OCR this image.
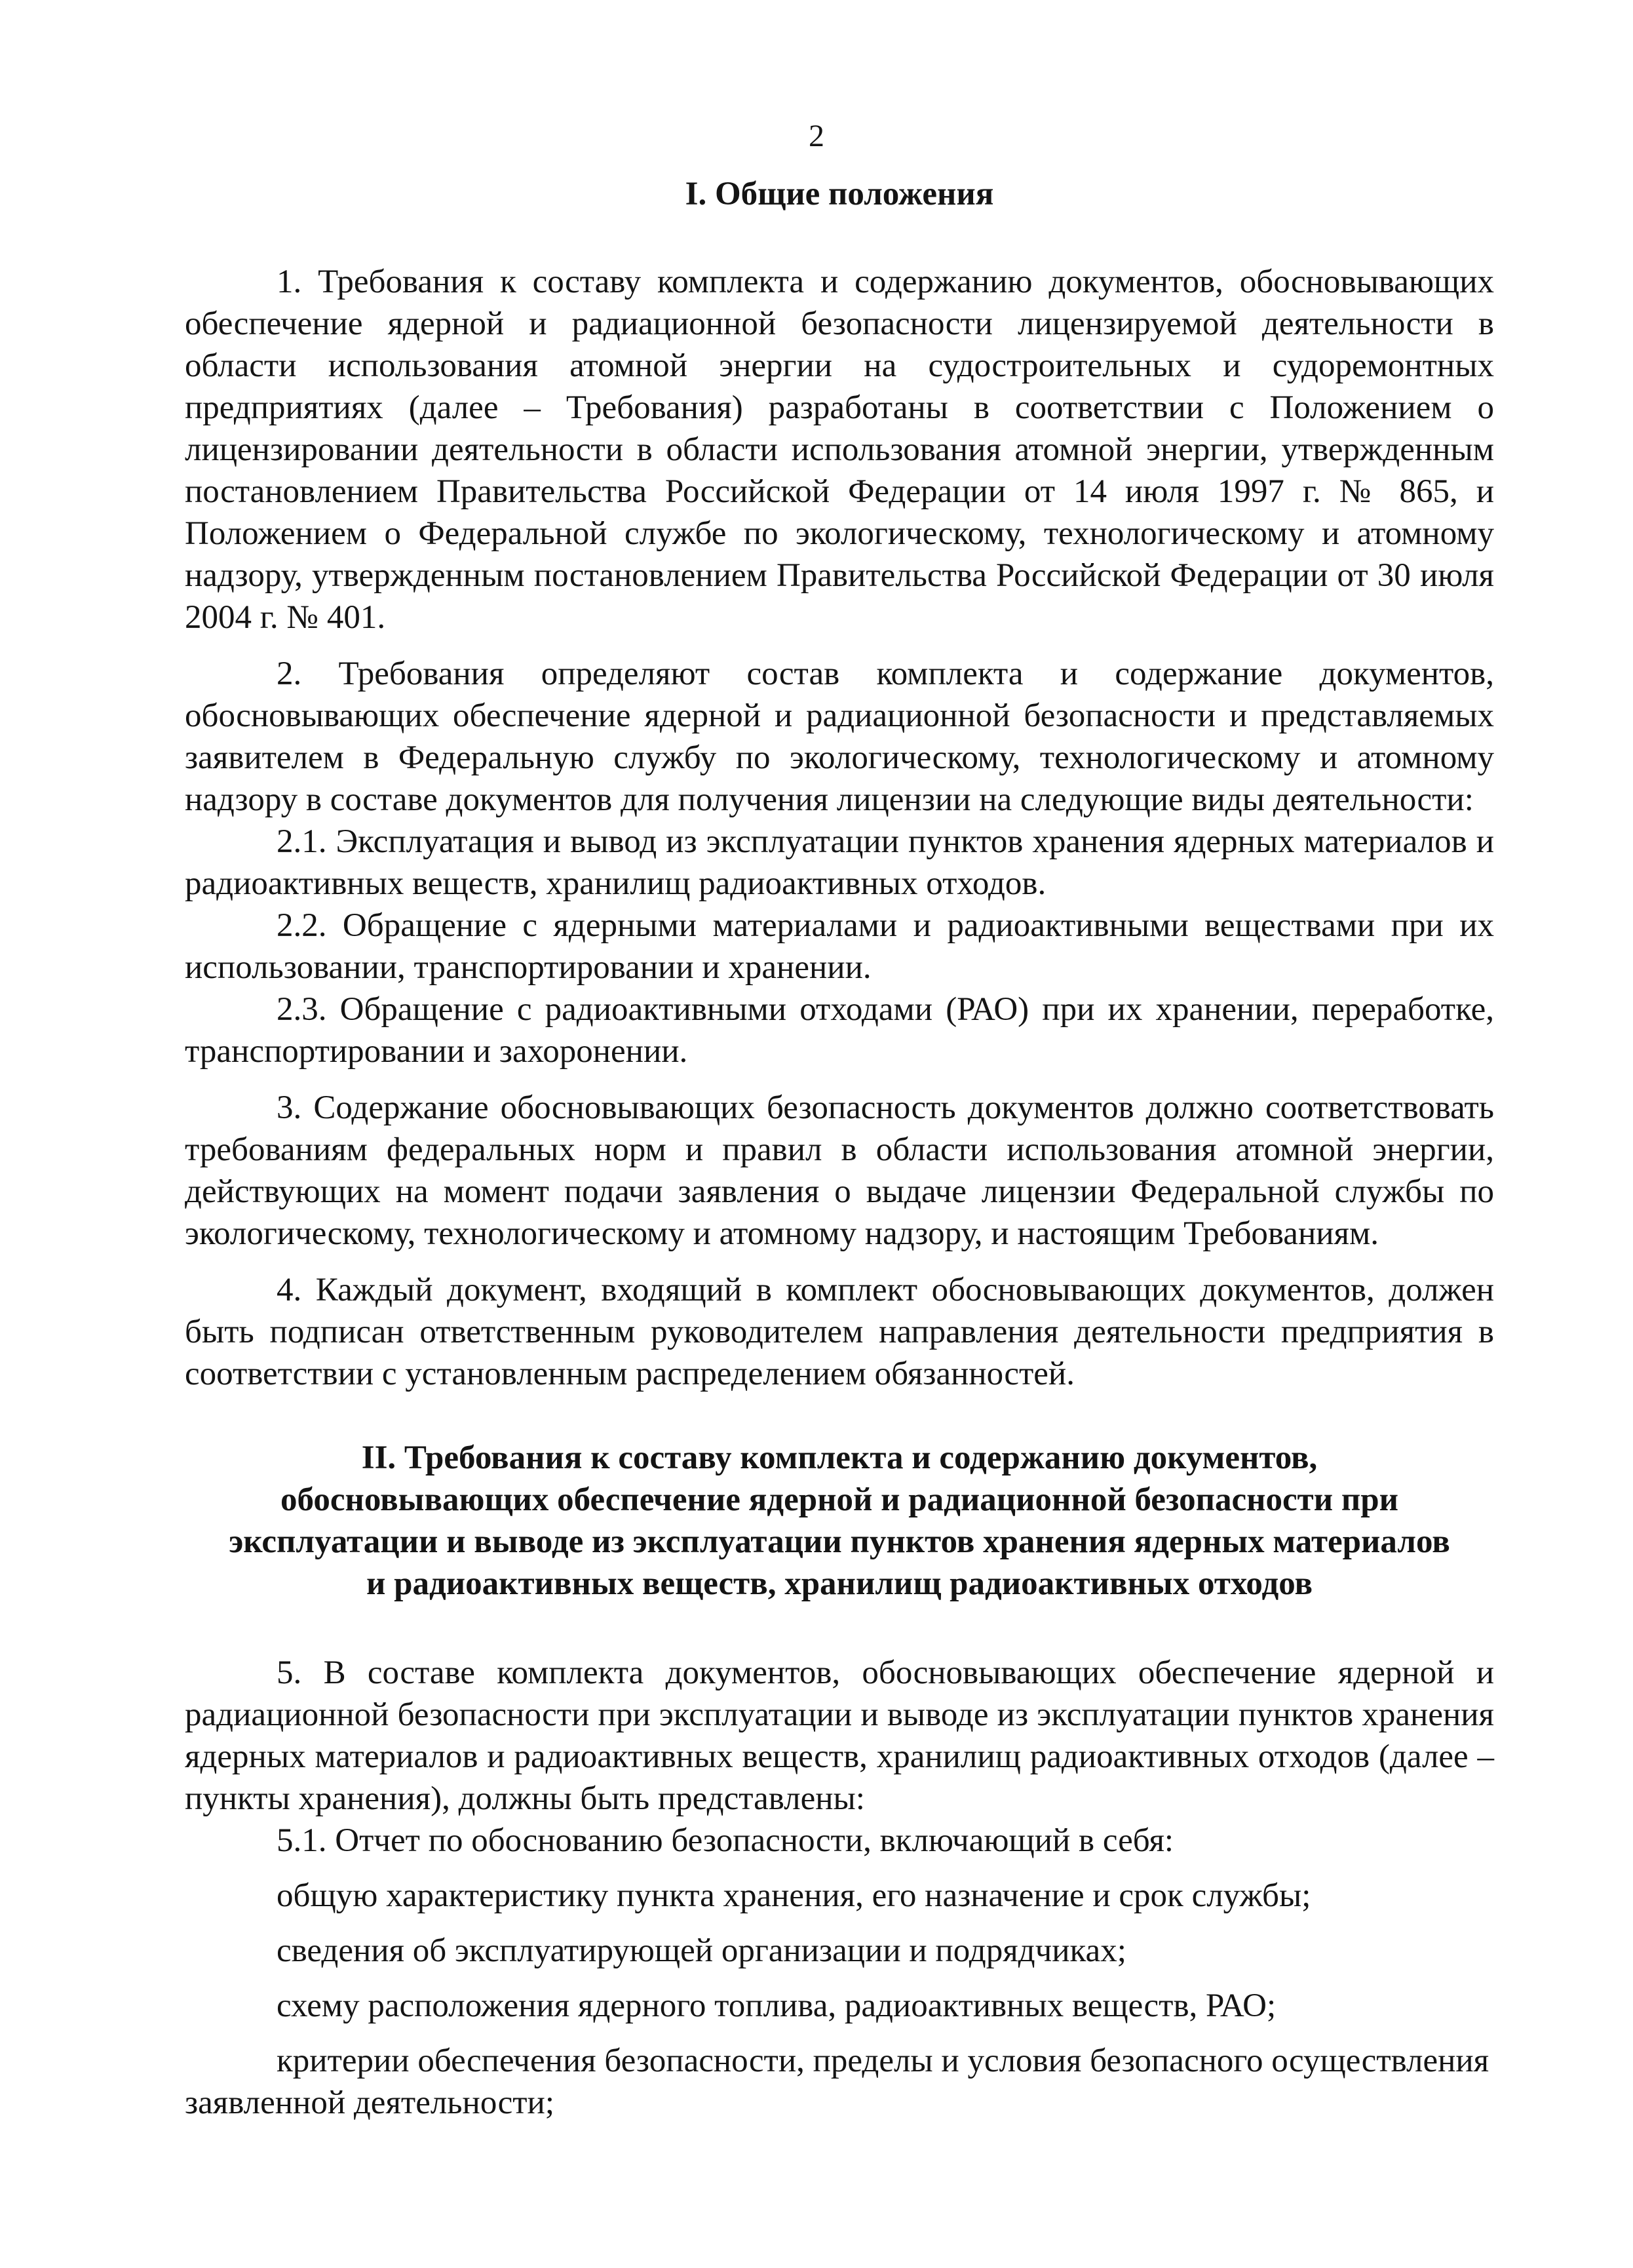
2
I. Общие положения

1. Требования к составу комплекта и содержанию документов, обосновывающих обеспечение ядерной и радиационной безопасности лицензируемой деятельности в области использования атомной энергии на судостроительных и судоремонтных предприятиях (далее – Требования) разработаны в соответствии с Положением о лицензировании деятельности в области использования атомной энергии, утвержденным постановлением Правительства Российской Федерации от 14 июля 1997 г. № 865, и Положением о Федеральной службе по экологическому, технологическому и атомному надзору, утвержденным постановлением Правительства Российской Федерации от 30 июля 2004 г. № 401.

2. Требования определяют состав комплекта и содержание документов, обосновывающих обеспечение ядерной и радиационной безопасности и представляемых заявителем в Федеральную службу по экологическому, технологическому и атомному надзору в составе документов для получения лицензии на следующие виды деятельности:

2.1. Эксплуатация и вывод из эксплуатации пунктов хранения ядерных материалов и радиоактивных веществ, хранилищ радиоактивных отходов.

2.2. Обращение с ядерными материалами и радиоактивными веществами при их использовании, транспортировании и хранении.

2.3. Обращение с радиоактивными отходами (РАО) при их хранении, переработке, транспортировании и захоронении.

3. Содержание обосновывающих безопасность документов должно соответствовать требованиям федеральных норм и правил в области использования атомной энергии, действующих на момент подачи заявления о выдаче лицензии Федеральной службы по экологическому, технологическому и атомному надзору, и настоящим Требованиям.

4. Каждый документ, входящий в комплект обосновывающих документов, должен быть подписан ответственным руководителем направления деятельности предприятия в соответствии с установленным распределением обязанностей.

II. Требования к составу комплекта и содержанию документов,
обосновывающих обеспечение ядерной и радиационной безопасности при
эксплуатации и выводе из эксплуатации пунктов хранения ядерных материалов
и радиоактивных веществ, хранилищ радиоактивных отходов

5. В составе комплекта документов, обосновывающих обеспечение ядерной и радиационной безопасности при эксплуатации и выводе из эксплуатации пунктов хранения ядерных материалов и радиоактивных веществ, хранилищ радиоактивных отходов (далее – пункты хранения), должны быть представлены:

5.1. Отчет по обоснованию безопасности, включающий в себя:

общую характеристику пункта хранения, его назначение и срок службы;

сведения об эксплуатирующей организации и подрядчиках;

схему расположения ядерного топлива, радиоактивных веществ, РАО;

критерии обеспечения безопасности, пределы и условия безопасного осуществления заявленной деятельности;
